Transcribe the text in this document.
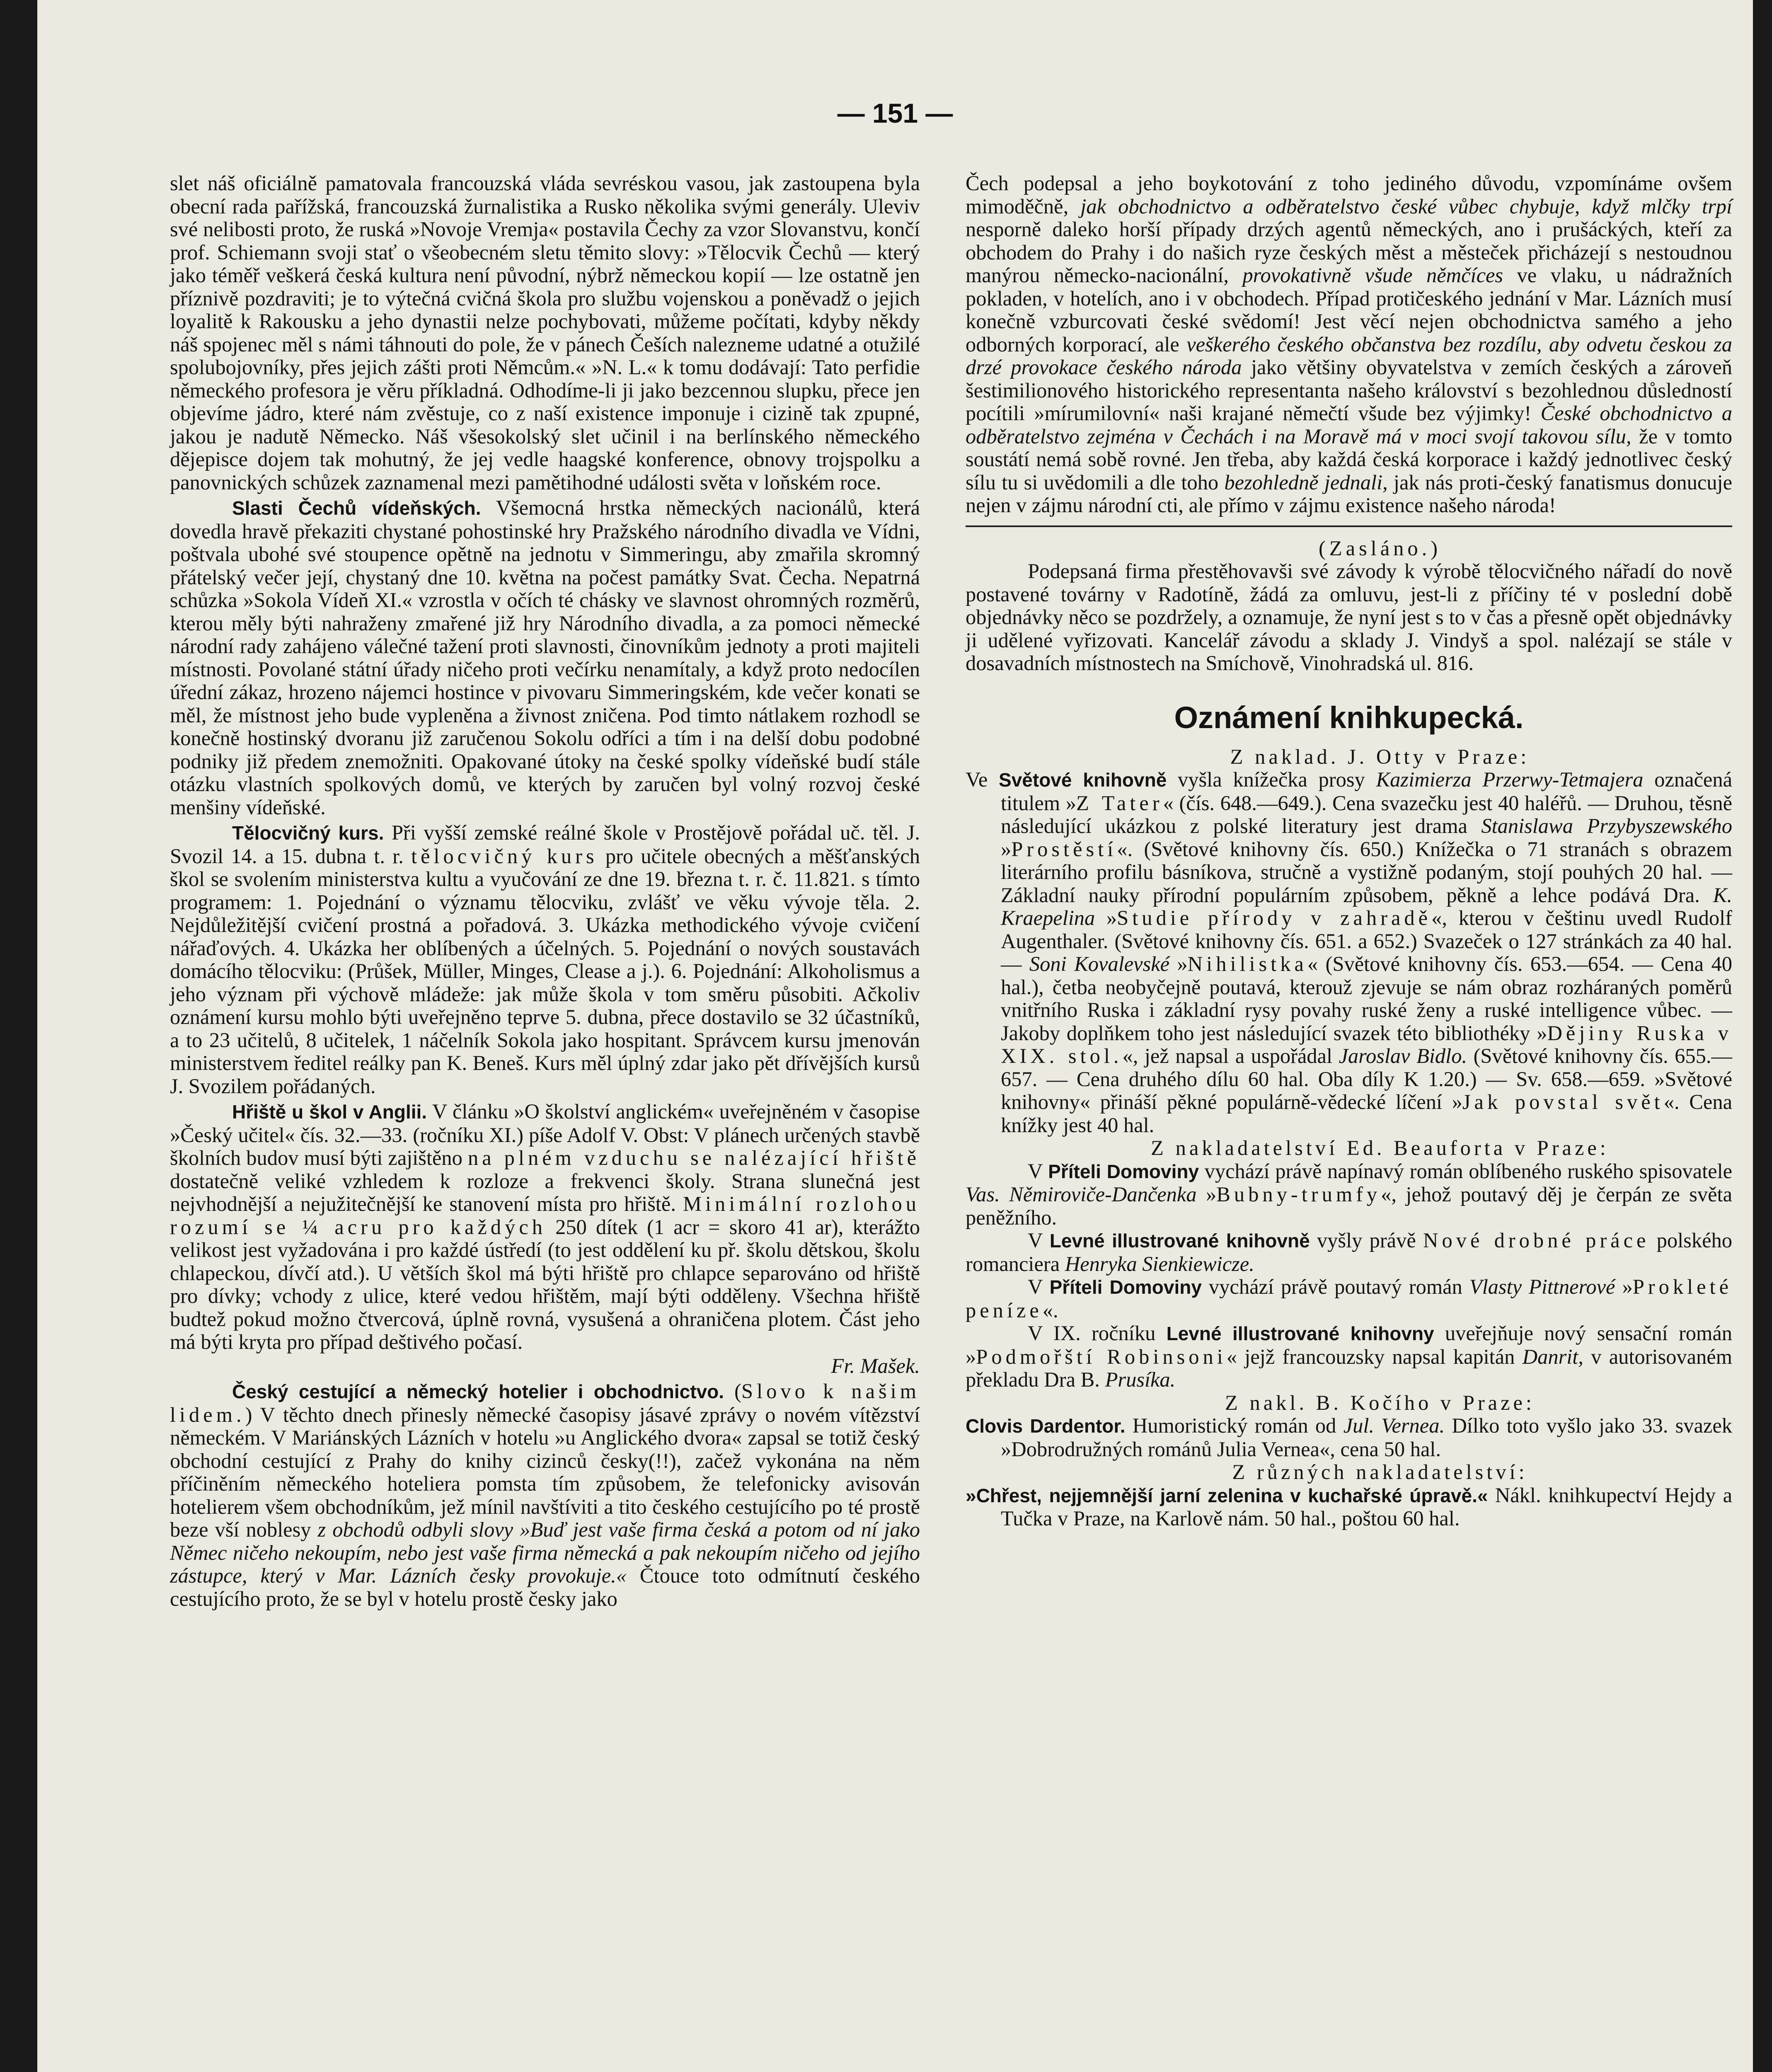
— 151 —

slet náš oficiálně pamatovala francouzská vláda sevréskou vasou, jak zastoupena byla obecní rada pařížská, francouzská žurnalistika a Rusko několika svými generály. Uleviv své nelibosti proto, že ruská »Novoje Vremja« postavila Čechy za vzor Slovanstvu, končí prof. Schiemann svoji stať o všeobecném sletu těmito slovy: »Tělocvik Čechů — který jako téměř veškerá česká kultura není původní, nýbrž německou kopií — lze ostatně jen příznivě pozdraviti; je to výtečná cvičná škola pro službu vojenskou a poněvadž o jejich loyalitě k Rakousku a jeho dynastii nelze pochybovati, můžeme počítati, kdyby někdy náš spojenec měl s námi táhnouti do pole, že v pánech Češích nalezneme udatné a otužilé spolubojovníky, přes jejich zášti proti Němcům.« »N. L.« k tomu dodávají: Tato perfidie německého profesora je věru příkladná. Odhodíme-li ji jako bezcennou slupku, přece jen objevíme jádro, které nám zvěstuje, co z naší existence imponuje i cizině tak zpupné, jakou je nadutě Německo. Náš všesokolský slet učinil i na berlínského německého dějepisce dojem tak mohutný, že jej vedle haagské konference, obnovy trojspolku a panovnických schůzek zaznamenal mezi pamětihodné události světa v loňském roce.

Slasti Čechů vídeňských. Všemocná hrstka německých nacionálů, která dovedla hravě překaziti chystané pohostinské hry Pražského národního divadla ve Vídni, poštvala ubohé své stoupence opětně na jednotu v Simmeringu, aby zmařila skromný přátelský večer její, chystaný dne 10. května na počest památky Svat. Čecha. Nepatrná schůzka »Sokola Vídeň XI.« vzrostla v očích té chásky ve slavnost ohromných rozměrů, kterou měly býti nahraženy zmařené již hry Národního divadla, a za pomoci německé národní rady zahájeno válečné tažení proti slavnosti, činovníkům jednoty a proti majiteli místnosti. Povolané státní úřady ničeho proti večírku nenamítaly, a když proto nedocílen úřední zákaz, hrozeno nájemci hostince v pivovaru Simmeringském, kde večer konati se měl, že místnost jeho bude vypleněna a živnost zničena. Pod timto nátlakem rozhodl se konečně hostinský dvoranu již zaručenou Sokolu odříci a tím i na delší dobu podobné podniky již předem znemožniti. Opakované útoky na české spolky vídeňské budí stále otázku vlastních spolkových domů, ve kterých by zaručen byl volný rozvoj české menšiny vídeňské.

Tělocvičný kurs. Při vyšší zemské reálné škole v Prostějově pořádal uč. těl. J. Svozil 14. a 15. dubna t. r. tělocvičný kurs pro učitele obecných a měšťanských škol se svolením ministerstva kultu a vyučování ze dne 19. března t. r. č. 11.821. s tímto programem: 1. Pojednání o významu tělocviku, zvlášť ve věku vývoje těla. 2. Nejdůležitější cvičení prostná a pořadová. 3. Ukázka methodického vývoje cvičení nářaďových. 4. Ukázka her oblíbených a účelných. 5. Pojednání o nových soustavách domácího tělocviku: (Průšek, Müller, Minges, Clease a j.). 6. Pojednání: Alkoholismus a jeho význam při výchově mládeže: jak může škola v tom směru působiti. Ačkoliv oznámení kursu mohlo býti uveřejněno teprve 5. dubna, přece dostavilo se 32 účastníků, a to 23 učitelů, 8 učitelek, 1 náčelník Sokola jako hospitant. Správcem kursu jmenován ministerstvem ředitel reálky pan K. Beneš. Kurs měl úplný zdar jako pět dřívějších kursů J. Svozilem pořádaných.

Hřiště u škol v Anglii. V článku »O školství anglickém« uveřejněném v časopise »Český učitel« čís. 32.—33. (ročníku XI.) píše Adolf V. Obst: V plánech určených stavbě školních budov musí býti zajištěno na plném vzduchu se nalézající hřiště dostatečně veliké vzhledem k rozloze a frekvenci školy. Strana slunečná jest nejvhodnější a nejužitečnější ke stanovení místa pro hřiště. Minimální rozlohou rozumí se ¼ acru pro každých 250 dítek (1 acr = skoro 41 ar), kterážto velikost jest vyžadována i pro každé ústředí (to jest oddělení ku př. školu dětskou, školu chlapeckou, dívčí atd.). U větších škol má býti hřiště pro chlapce separováno od hřiště pro dívky; vchody z ulice, které vedou hřištěm, mají býti odděleny. Všechna hřiště budtež pokud možno čtvercová, úplně rovná, vysušená a ohraničena plotem. Část jeho má býti kryta pro případ deštivého počasí.

Fr. Mašek.

Český cestující a německý hotelier i obchodnictvo. (Slovo k našim lidem.) V těchto dnech přinesly německé časopisy jásavé zprávy o novém vítězství německém. V Mariánských Lázních v hotelu »u Anglického dvora« zapsal se totiž český obchodní cestující z Prahy do knihy cizinců česky(!!), začež vykonána na něm příčiněním německého hoteliera pomsta tím způsobem, že telefonicky avisován hotelierem všem obchodníkům, jež mínil navštíviti a tito českého cestujícího po té prostě beze vší noblesy z obchodů odbyli slovy »Buď jest vaše firma česká a potom od ní jako Němec ničeho nekoupím, nebo jest vaše firma německá a pak nekoupím ničeho od jejího zástupce, který v Mar. Lázních česky provokuje.« Čtouce toto odmítnutí českého cestujícího proto, že se byl v hotelu prostě česky jako

Čech podepsal a jeho boykotování z toho jediného důvodu, vzpomínáme ovšem mimoděčně, jak obchodnictvo a odběratelstvo české vůbec chybuje, když mlčky trpí nesporně daleko horší případy drzých agentů německých, ano i prušáckých, kteří za obchodem do Prahy i do našich ryze českých měst a městeček přicházejí s nestoudnou manýrou německo-nacionální, provokativně všude němčíces ve vlaku, u nádražních pokladen, v hotelích, ano i v obchodech. Případ protičeského jednání v Mar. Lázních musí konečně vzburcovati české svědomí! Jest věcí nejen obchodnictva samého a jeho odborných korporací, ale veškerého českého občanstva bez rozdílu, aby odvetu českou za drzé provokace českého národa jako většiny obyvatelstva v zemích českých a zároveň šestimilionového historického representanta našeho království s bezohlednou důsledností pocítili »mírumilovní« naši krajané němečtí všude bez výjimky! České obchodnictvo a odběratelstvo zejména v Čechách i na Moravě má v moci svojí takovou sílu, že v tomto soustátí nemá sobě rovné. Jen třeba, aby každá česká korporace i každý jednotlivec český sílu tu si uvědomili a dle toho bezohledně jednali, jak nás proti-český fanatismus donucuje nejen v zájmu národní cti, ale přímo v zájmu existence našeho národa!

(Zasláno.)

Podepsaná firma přestěhovavši své závody k výrobě tělocvičného nářadí do nově postavené továrny v Radotíně, žádá za omluvu, jest-li z příčiny té v poslední době objednávky něco se pozdržely, a oznamuje, že nyní jest s to v čas a přesně opět objednávky ji udělené vyřizovati. Kancelář závodu a sklady J. Vindyš a spol. nalézají se stále v dosavadních místnostech na Smíchově, Vinohradská ul. 816.

Oznámení knihkupecká.

Z naklad. J. Otty v Praze:

Ve Světové knihovně vyšla knížečka prosy Kazimierza Przerwy-Tetmajera označená titulem »Z Tater« (čís. 648.—649.). Cena svazečku jest 40 haléřů. — Druhou, těsně následující ukázkou z polské literatury jest drama Stanislawa Przybyszewského »Prostěstí«. (Světové knihovny čís. 650.) Knížečka o 71 stranách s obrazem literárního profilu básníkova, stručně a vystižně podaným, stojí pouhých 20 hal. — Základní nauky přírodní populárním způsobem, pěkně a lehce podává Dra. K. Kraepelina »Studie přírody v zahradě«, kterou v češtinu uvedl Rudolf Augenthaler. (Světové knihovny čís. 651. a 652.) Svazeček o 127 stránkách za 40 hal. — Soni Kovalevské »Nihilistka« (Světové knihovny čís. 653.—654. — Cena 40 hal.), četba neobyčejně poutavá, kterouž zjevuje se nám obraz rozháraných poměrů vnitřního Ruska i základní rysy povahy ruské ženy a ruské intelligence vůbec. — Jakoby doplňkem toho jest následující svazek této bibliothéky »Dějiny Ruska v XIX. stol.«, jež napsal a uspořádal Jaroslav Bidlo. (Světové knihovny čís. 655.—657. — Cena druhého dílu 60 hal. Oba díly K 1.20.) — Sv. 658.—659. »Světové knihovny« přináší pěkné populárně-vědecké líčení »Jak povstal svět«. Cena knížky jest 40 hal.

Z nakladatelství Ed. Beauforta v Praze:

V Příteli Domoviny vychází právě napínavý román oblíbeného ruského spisovatele Vas. Němiroviče-Dančenka »Bubny-trumfy«, jehož poutavý děj je čerpán ze světa peněžního.

V Levné illustrované knihovně vyšly právě Nové drobné práce polského romanciera Henryka Sienkiewicze.

V Příteli Domoviny vychází právě poutavý román Vlasty Pittnerové »Prokleté peníze«.

V IX. ročníku Levné illustrované knihovny uveřejňuje nový sensační román »Podmořští Robinsoni« jejž francouzsky napsal kapitán Danrit, v autorisovaném překladu Dra B. Prusíka.

Z nakl. B. Kočího v Praze:

Clovis Dardentor. Humoristický román od Jul. Vernea. Dílko toto vyšlo jako 33. svazek »Dobrodružných románů Julia Vernea«, cena 50 hal.

Z různých nakladatelství:

»Chřest, nejjemnější jarní zelenina v kuchařské úpravě.« Nákl. knihkupectví Hejdy a Tučka v Praze, na Karlově nám. 50 hal., poštou 60 hal.
